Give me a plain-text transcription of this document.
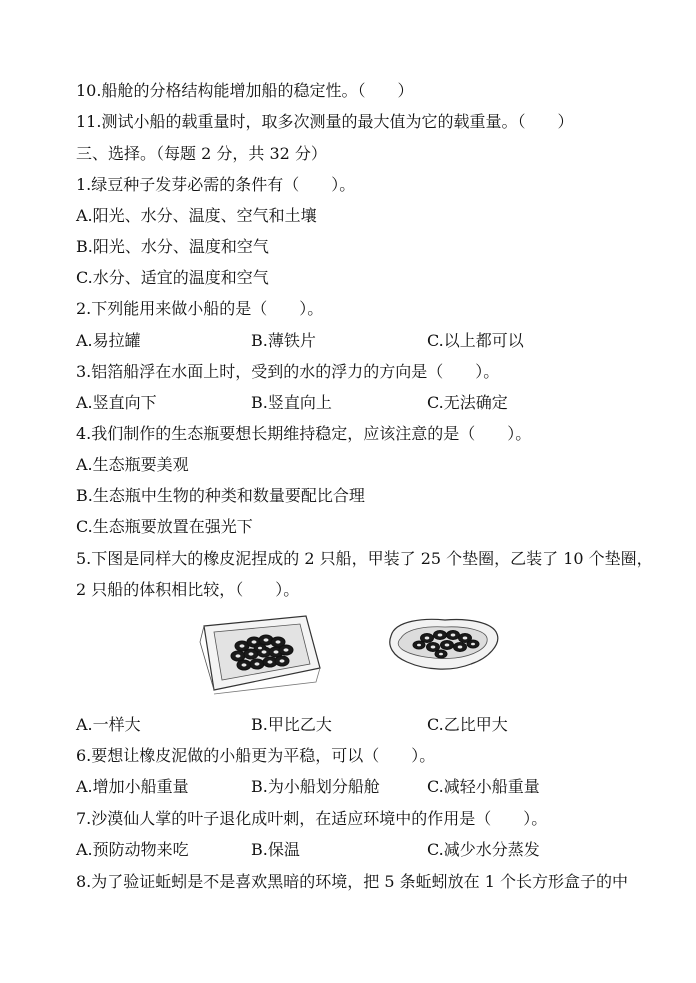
10.船舱的分格结构能增加船的稳定性。（　　）
11.测试小船的载重量时，取多次测量的最大值为它的载重量。（　　）
三、选择。（每题 2 分，共 32 分）
1.绿豆种子发芽必需的条件有（　　）。
A.阳光、水分、温度、空气和土壤
B.阳光、水分、温度和空气
C.水分、适宜的温度和空气
2.下列能用来做小船的是（　　）。
A.易拉罐	B.薄铁片	C.以上都可以
3.铝箔船浮在水面上时，受到的水的浮力的方向是（　　）。
A.竖直向下	B.竖直向上	C.无法确定
4.我们制作的生态瓶要想长期维持稳定，应该注意的是（　　）。
A.生态瓶要美观
B.生态瓶中生物的种类和数量要配比合理
C.生态瓶要放置在强光下
5.下图是同样大的橡皮泥捏成的 2 只船，甲装了 25 个垫圈，乙装了 10 个垫圈，
2 只船的体积相比较，（　　）。
A.一样大	B.甲比乙大	C.乙比甲大
6.要想让橡皮泥做的小船更为平稳，可以（　　）。
A.增加小船重量	B.为小船划分船舱	C.减轻小船重量
7.沙漠仙人掌的叶子退化成叶刺，在适应环境中的作用是（　　）。
A.预防动物来吃	B.保温	C.减少水分蒸发
8.为了验证蚯蚓是不是喜欢黑暗的环境，把 5 条蚯蚓放在 1 个长方形盒子的中
